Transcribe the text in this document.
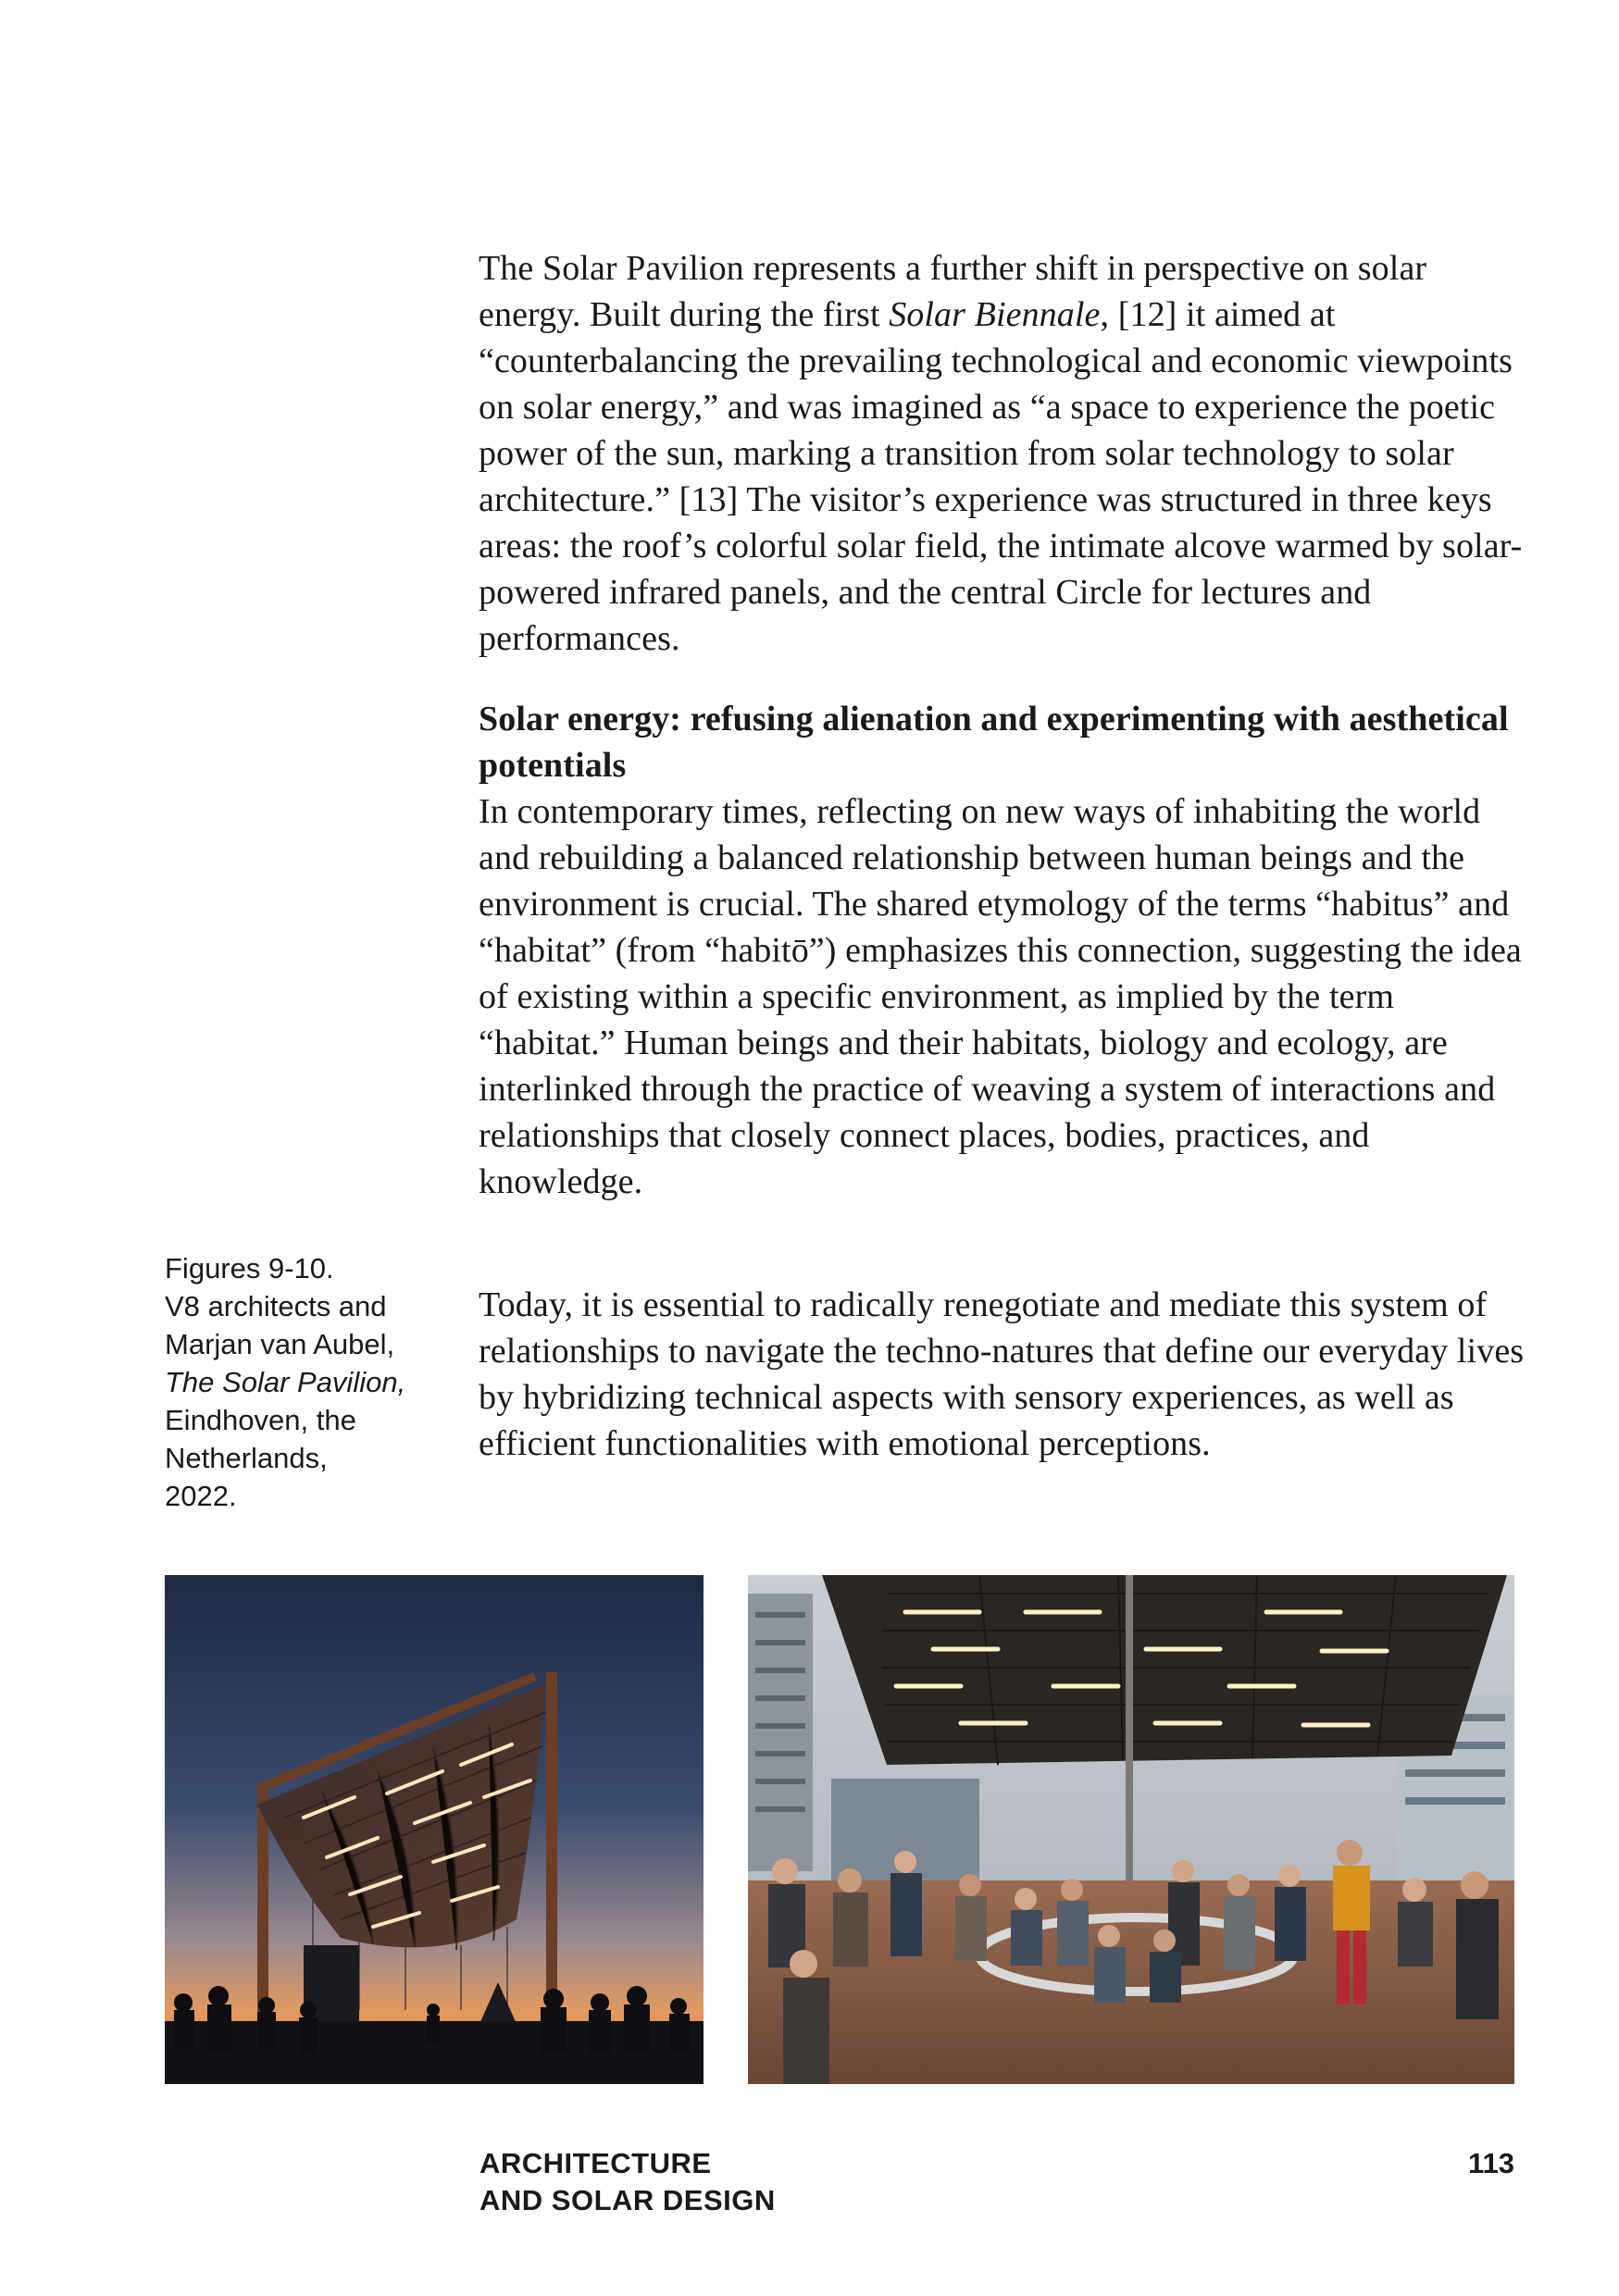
The Solar Pavilion represents a further shift in perspective on solar energy. Built during the first Solar Biennale, [12] it aimed at “counterbalancing the prevailing technological and economic viewpoints on solar energy,” and was imagined as “a space to experience the poetic power of the sun, marking a transition from solar technology to solar architecture.” [13] The visitor’s experience was structured in three keys areas: the roof’s colorful solar field, the intimate alcove warmed by solar-powered infrared panels, and the central Circle for lectures and performances.

Solar energy: refusing alienation and experimenting with aesthetical potentials

In contemporary times, reflecting on new ways of inhabiting the world and rebuilding a balanced relationship between human beings and the environment is crucial. The shared etymology of the terms “habitus” and “habitat” (from “habitō”) emphasizes this connection, suggesting the idea of existing within a specific environment, as implied by the term “habitat.” Human beings and their habitats, biology and ecology, are interlinked through the practice of weaving a system of interactions and relationships that closely connect places, bodies, practices, and knowledge.

Today, it is essential to radically renegotiate and mediate this system of relationships to navigate the techno-natures that define our everyday lives by hybridizing technical aspects with sensory experiences, as well as efficient functionalities with emotional perceptions.

Figures 9-10.
V8 architects and
Marjan van Aubel,
The Solar Pavilion,
Eindhoven, the
Netherlands,
2022.
ARCHITECTURE
AND SOLAR DESIGN
113
